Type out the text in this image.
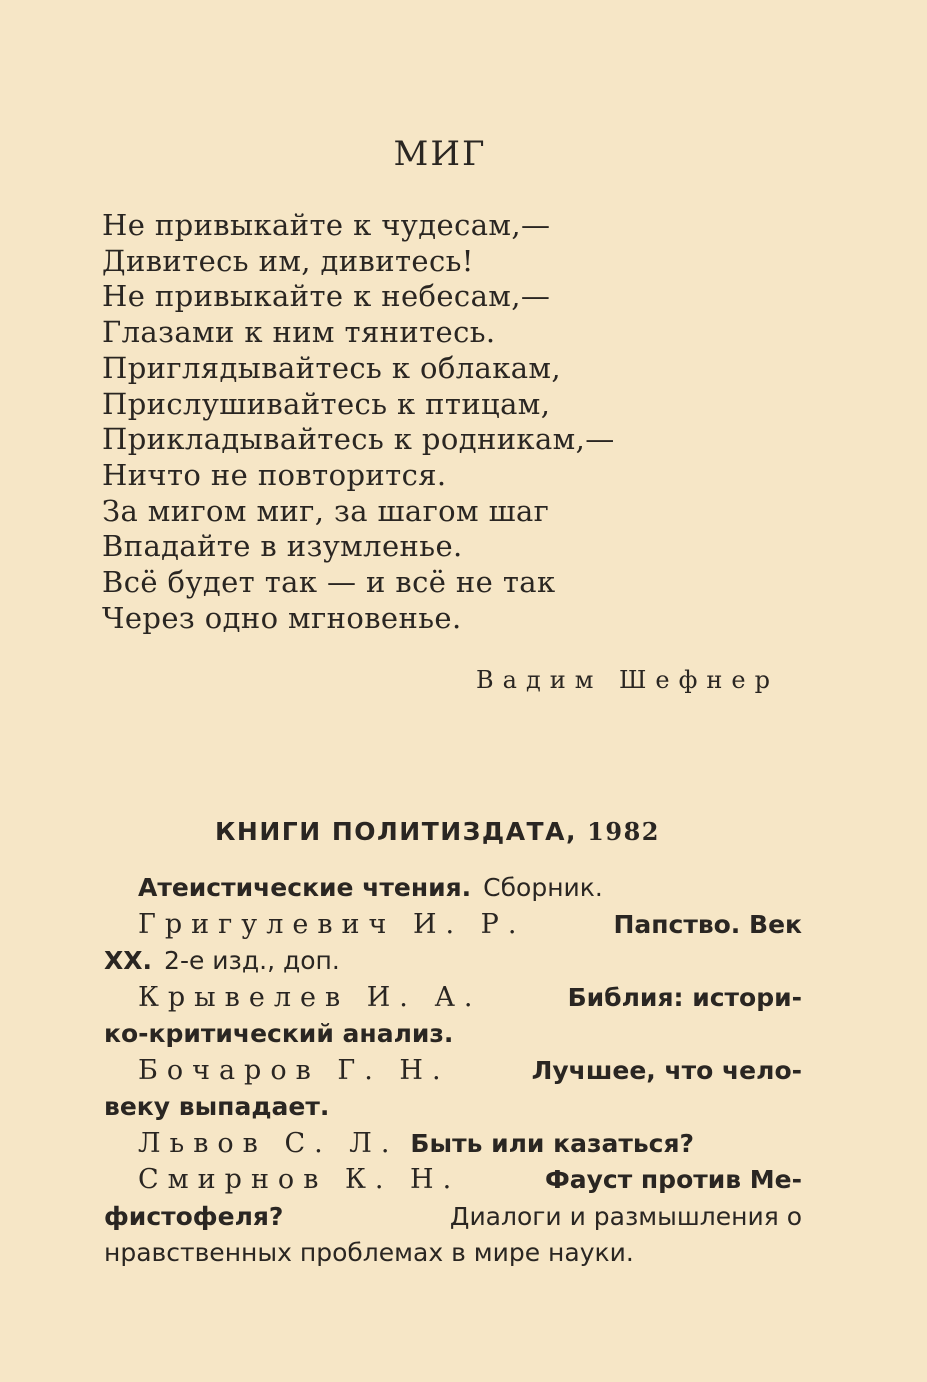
МИГ
Не привыкайте к чудесам,—
Дивитесь им, дивитесь!
Не привыкайте к небесам,—
Глазами к ним тянитесь.
Приглядывайтесь к облакам,
Прислушивайтесь к птицам,
Прикладывайтесь к родникам,—
Ничто не повторится.
За мигом миг, за шагом шаг
Впадайте в изумленье.
Всё будет так — и всё не так
Через одно мгновенье.
Вадим Шефнер
КНИГИ ПОЛИТИЗДАТА, 1982
Атеистические чтения. Сборник.
Григулевич И. Р.	Папство. Век
XX. 2-е изд., доп.
Крывелев И. А.	Библия: истори-
ко-критический анализ.
Бочаров Г. Н.	Лучшее, что чело-
веку выпадает.
Львов С. Л. Быть или казаться?
Смирнов К. Н.	Фауст против Ме-
фистофеля?	Диалоги и размышления о
нравственных проблемах в мире науки.
